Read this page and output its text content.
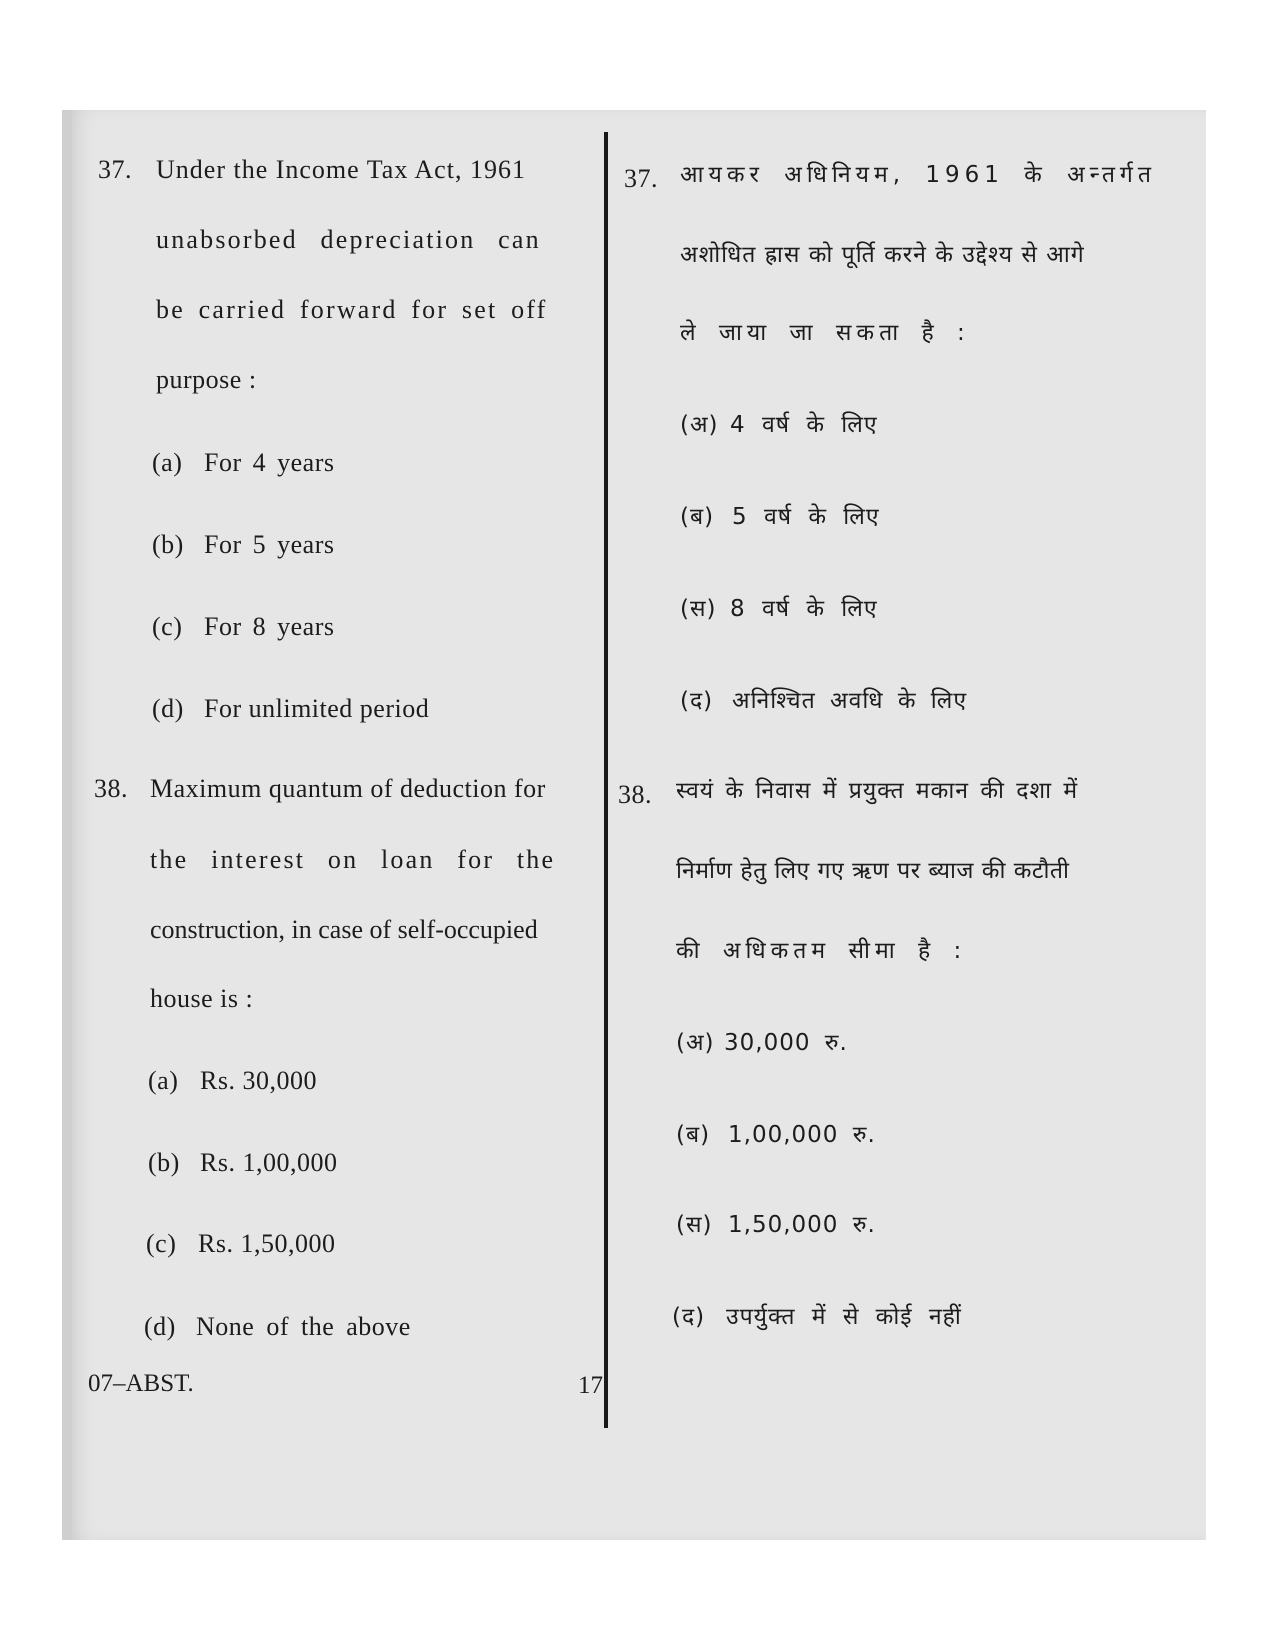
37. Under the Income Tax Act, 1961
unabsorbed depreciation can
be carried forward for set off
purpose :
(a) For 4 years
(b) For 5 years
(c) For 8 years
(d) For unlimited period
38. Maximum quantum of deduction for
the interest on loan for the
construction, in case of self-occupied
house is :
(a) Rs. 30,000
(b) Rs. 1,00,000
(c) Rs. 1,50,000
(d) None of the above
37. आयकर अधिनियम, 1961 के अन्तर्गत
अशोधित ह्रास को पूर्ति करने के उद्देश्य से आगे
ले जाया जा सकता है :
(अ) 4 वर्ष के लिए
(ब) 5 वर्ष के लिए
(स) 8 वर्ष के लिए
(द) अनिश्चित अवधि के लिए
38. स्वयं के निवास में प्रयुक्त मकान की दशा में
निर्माण हेतु लिए गए ऋण पर ब्याज की कटौती
की अधिकतम सीमा है :
(अ) 30,000 रु.
(ब) 1,00,000 रु.
(स) 1,50,000 रु.
(द) उपर्युक्त में से कोई नहीं
07–ABST.	17
